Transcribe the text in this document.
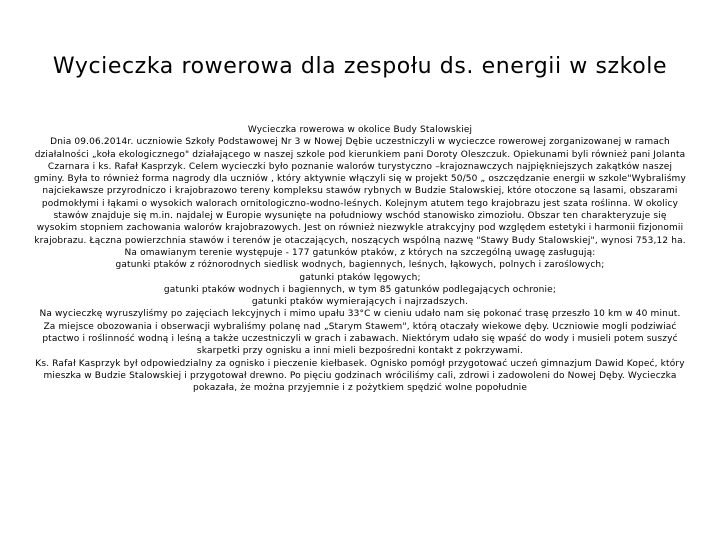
Wycieczka rowerowa dla zespołu ds. energii w szkole

Wycieczka rowerowa w okolice Budy Stalowskiej

Dnia 09.06.2014r. uczniowie Szkoły Podstawowej Nr 3 w Nowej Dębie uczestniczyli w wycieczce rowerowej zorganizowanej w ramach działalności „koła ekologicznego" działającego w naszej szkole pod kierunkiem pani Doroty Oleszczuk. Opiekunami byli również pani Jolanta Czarnara i ks. Rafał Kasprzyk. Celem wycieczki było poznanie walorów turystyczno –krajoznawczych najpiękniejszych zakątków naszej gminy. Była to również forma nagrody dla uczniów , który aktywnie włączyli się w projekt 50/50 „ oszczędzanie energii w szkole"Wybraliśmy najciekawsze przyrodniczo i krajobrazowo tereny kompleksu stawów rybnych w Budzie Stalowskiej, które otoczone są lasami, obszarami podmokłymi i łąkami o wysokich walorach ornitologiczno-wodno-leśnych. Kolejnym atutem tego krajobrazu jest szata roślinna. W okolicy stawów znajduje się m.in. najdalej w Europie wysunięte na południowy wschód stanowisko zimoziołu. Obszar ten charakteryzuje się wysokim stopniem zachowania walorów krajobrazowych. Jest on również niezwykle atrakcyjny pod względem estetyki i harmonii fizjonomii krajobrazu. Łączna powierzchnia stawów i terenów je otaczających, noszących wspólną nazwę "Stawy Budy Stalowskiej", wynosi 753,12 ha.

Na omawianym terenie występuje - 177 gatunków ptaków, z których na szczególną uwagę zasługują:

gatunki ptaków z różnorodnych siedlisk wodnych, bagiennych, leśnych, łąkowych, polnych i zaroślowych;

gatunki ptaków lęgowych;

gatunki ptaków wodnych i bagiennych, w tym 85 gatunków podlegających ochronie;

gatunki ptaków wymierających i najrzadszych.

Na wycieczkę wyruszyliśmy po zajęciach lekcyjnych i mimo upału 33°C w cieniu udało nam się pokonać trasę przeszło 10 km w 40 minut. Za miejsce obozowania i obserwacji wybraliśmy polanę nad „Starym Stawem", którą otaczały wiekowe dęby. Uczniowie mogli podziwiać ptactwo i roślinność wodną i leśną a także uczestniczyli w grach i zabawach. Niektórym udało się wpaść do wody i musieli potem suszyć skarpetki przy ognisku a inni mieli bezpośredni kontakt z pokrzywami.

Ks. Rafał Kasprzyk był odpowiedzialny za ognisko i pieczenie kiełbasek. Ognisko pomógł przygotować uczeń gimnazjum Dawid Kopeć, który mieszka w Budzie Stalowskiej i przygotował drewno. Po pięciu godzinach wróciliśmy cali, zdrowi i zadowoleni do Nowej Dęby. Wycieczka pokazała, że można przyjemnie i z pożytkiem spędzić wolne popołudnie
